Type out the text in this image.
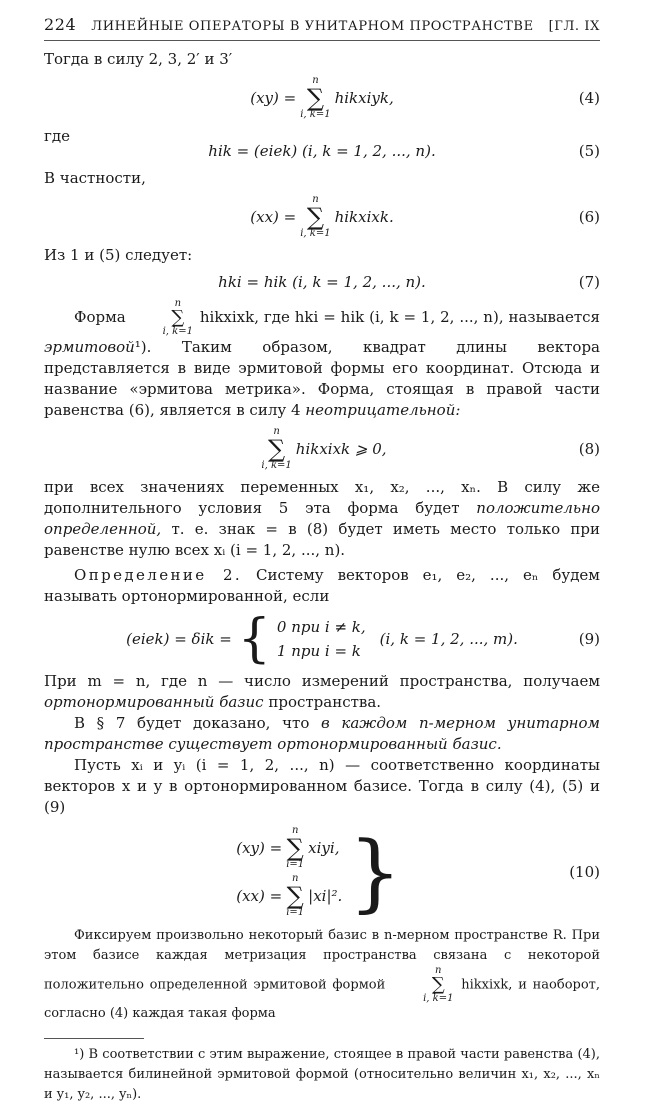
224 ЛИНЕЙНЫЕ ОПЕРАТОРЫ В УНИТАРНОМ ПРОСТРАНСТВЕ [ГЛ. IX

Тогда в силу 2, 3, 2′ и 3′

(xy) =
n
∑
i, k=1
hikxiyk,	(4)

где

hik = (eiek) (i, k = 1, 2, ..., n).	(5)

В частности,

(xx) =
n
∑
i, k=1
hikxixk.	(6)

Из 1 и (5) следует:

hki = hik (i, k = 1, 2, ..., n).	(7)

Форма
n
∑
i, k=1
hikxixk, где hki = hik (i, k = 1, 2, ..., n), называется эрмитовой¹). Таким образом, квадрат длины вектора представляется в виде эрмитовой формы его координат. Отсюда и название «эрмитова метрика». Форма, стоящая в правой части равенства (6), является в силу 4 неотрицательной:

n
∑
i, k=1
hikxixk ⩾ 0,	(8)

при всех значениях переменных x₁, x₂, ..., xₙ. В силу же дополнительного условия 5 эта форма будет положительно определенной, т. е. знак = в (8) будет иметь место только при равенстве нулю всех xᵢ (i = 1, 2, ..., n).

Определение 2. Систему векторов e₁, e₂, ..., eₙ будем называть ортонормированной, если

(eiek) = δik = { 0 при i ≠ k,
1 при i = k
(i, k = 1, 2, ..., m).	(9)

При m = n, где n — число измерений пространства, получаем ортонормированный базис пространства.

В § 7 будет доказано, что в каждом n-мерном унитарном пространстве существует ортонормированный базис.

Пусть xᵢ и yᵢ (i = 1, 2, ..., n) — соответственно координаты векторов x и y в ортонормированном базисе. Тогда в силу (4), (5) и (9)

(xy) =
n
∑
i=1
xiyi,
(xx) =
n
∑
i=1
|xi|². }	(10)

Фиксируем произвольно некоторый базис в n-мерном пространстве R. При этом базисе каждая метризация пространства связана с некоторой положительно определенной эрмитовой формой
n
∑
i, k=1
hikxixk, и наоборот, согласно (4) каждая такая форма

¹) В соответствии с этим выражение, стоящее в правой части равенства (4), называется билинейной эрмитовой формой (относительно величин x₁, x₂, ..., xₙ и y₁, y₂, ..., yₙ).
